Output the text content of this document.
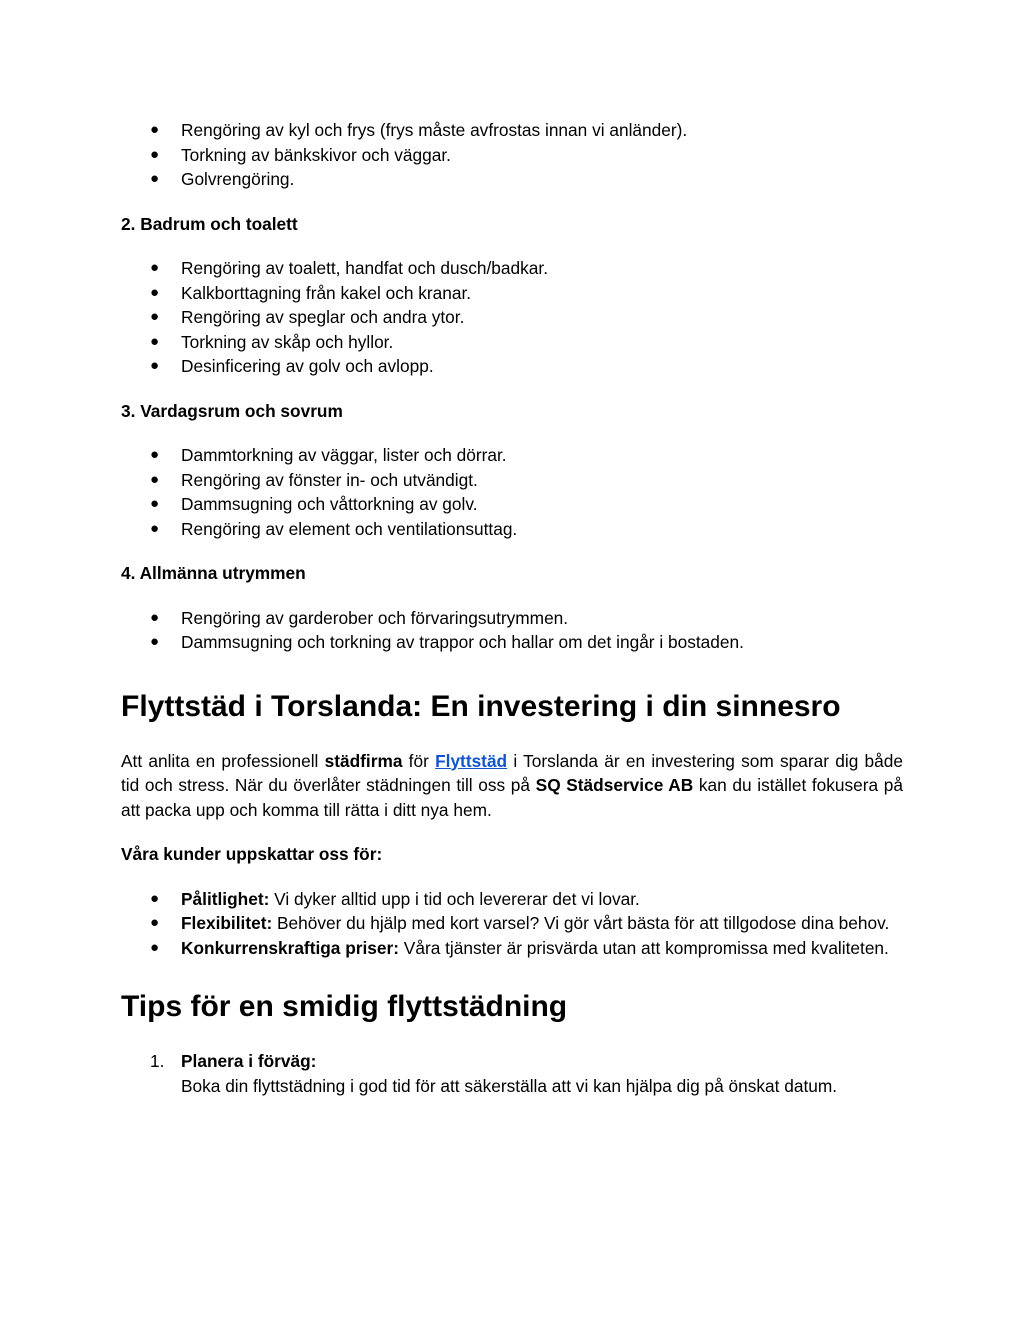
● Rengöring av kyl och frys (frys måste avfrostas innan vi anländer).
● Torkning av bänkskivor och väggar.
● Golvrengöring.

2. Badrum och toalett

● Rengöring av toalett, handfat och dusch/badkar.
● Kalkborttagning från kakel och kranar.
● Rengöring av speglar och andra ytor.
● Torkning av skåp och hyllor.
● Desinficering av golv och avlopp.

3. Vardagsrum och sovrum

● Dammtorkning av väggar, lister och dörrar.
● Rengöring av fönster in- och utvändigt.
● Dammsugning och våttorkning av golv.
● Rengöring av element och ventilationsuttag.

4. Allmänna utrymmen

● Rengöring av garderober och förvaringsutrymmen.
● Dammsugning och torkning av trappor och hallar om det ingår i bostaden.
Flyttstäd i Torslanda: En investering i din sinnesro

Att anlita en professionell städfirma för Flyttstäd i Torslanda är en investering som sparar dig både tid och stress. När du överlåter städningen till oss på SQ Städservice AB kan du istället fokusera på att packa upp och komma till rätta i ditt nya hem.

Våra kunder uppskattar oss för:

● Pålitlighet: Vi dyker alltid upp i tid och levererar det vi lovar.
● Flexibilitet: Behöver du hjälp med kort varsel? Vi gör vårt bästa för att tillgodose dina behov.
● Konkurrenskraftiga priser: Våra tjänster är prisvärda utan att kompromissa med kvaliteten.
Tips för en smidig flyttstädning
1. Planera i förväg:
Boka din flyttstädning i god tid för att säkerställa att vi kan hjälpa dig på önskat datum.
